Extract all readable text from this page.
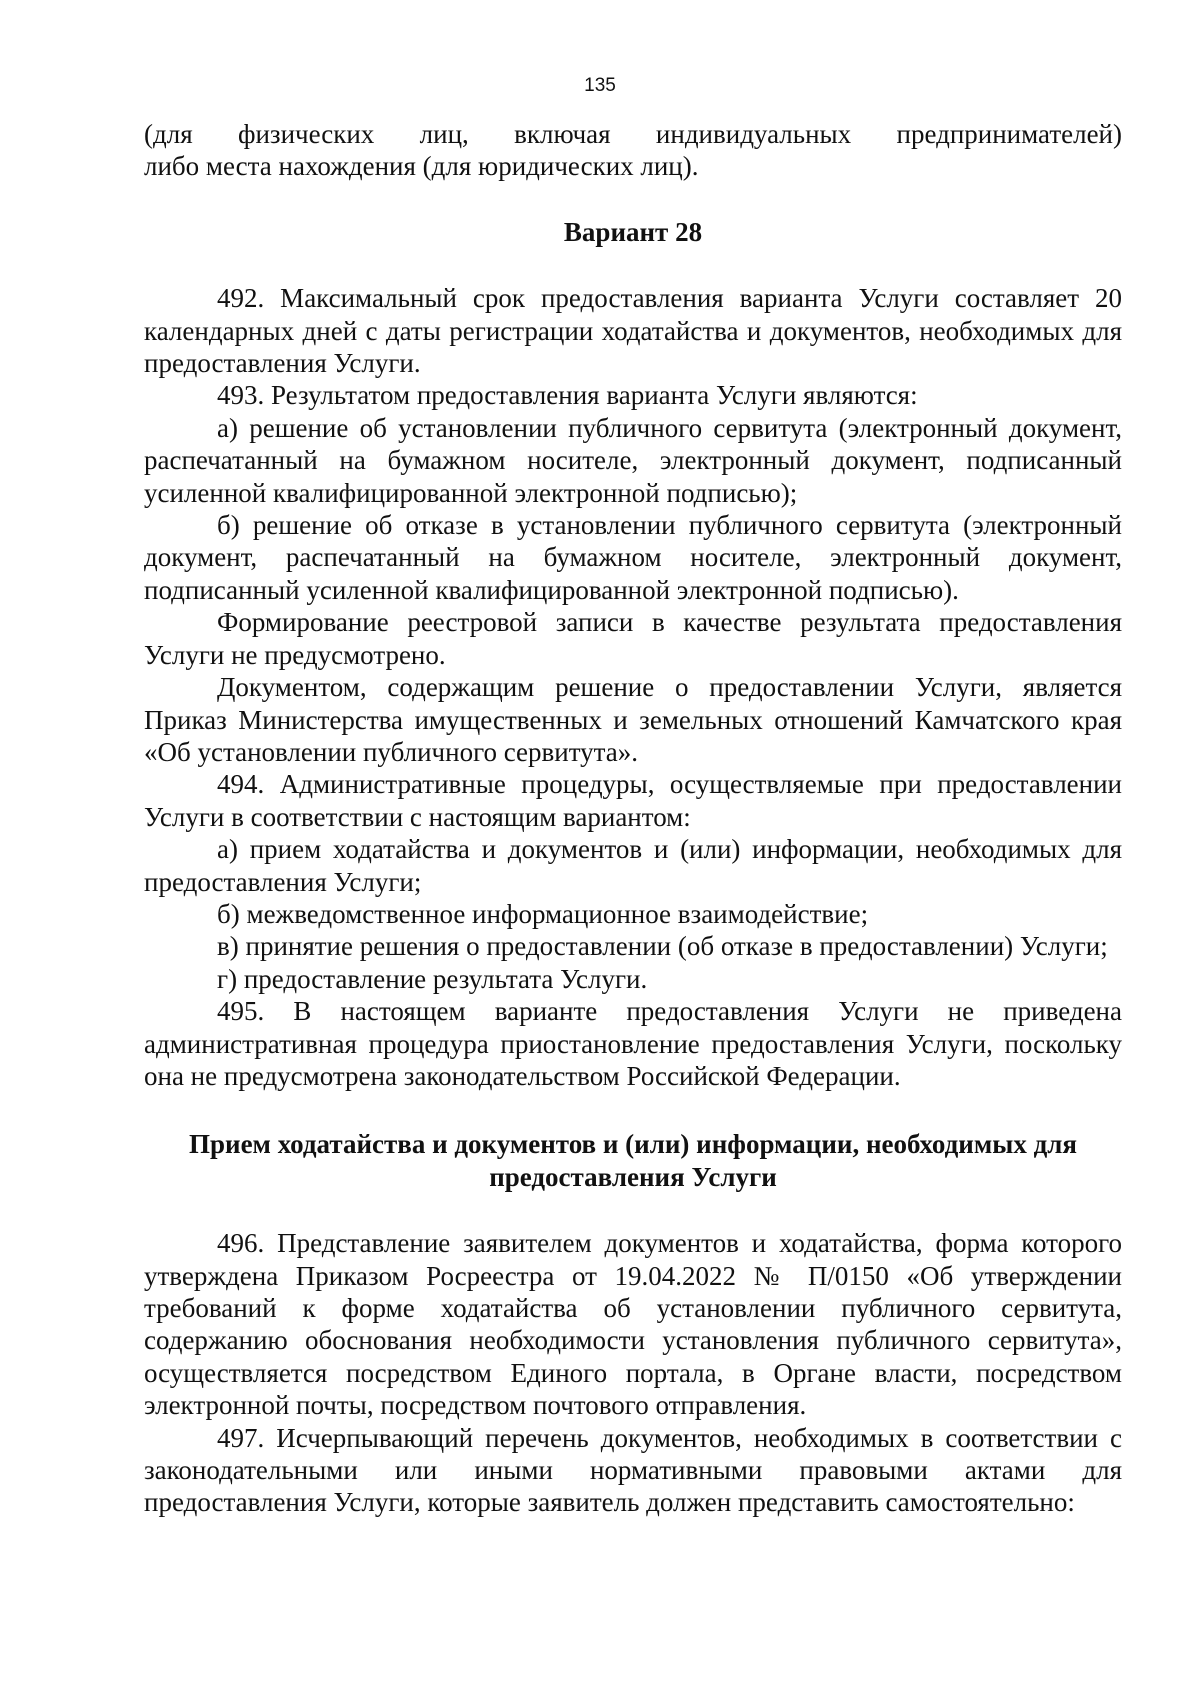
135

(для физических лиц, включая индивидуальных предпринимателей)

либо места нахождения (для юридических лиц).

Вариант 28

492. Максимальный срок предоставления варианта Услуги составляет 20 календарных дней с даты регистрации ходатайства и документов, необходимых для предоставления Услуги.

493. Результатом предоставления варианта Услуги являются:

а) решение об установлении публичного сервитута (электронный документ, распечатанный на бумажном носителе, электронный документ, подписанный усиленной квалифицированной электронной подписью);

б) решение об отказе в установлении публичного сервитута (электронный документ, распечатанный на бумажном носителе, электронный документ, подписанный усиленной квалифицированной электронной подписью).

Формирование реестровой записи в качестве результата предоставления Услуги не предусмотрено.

Документом, содержащим решение о предоставлении Услуги, является Приказ Министерства имущественных и земельных отношений Камчатского края «Об установлении публичного сервитута».

494. Административные процедуры, осуществляемые при предоставлении Услуги в соответствии с настоящим вариантом:

а) прием ходатайства и документов и (или) информации, необходимых для предоставления Услуги;

б) межведомственное информационное взаимодействие;

в) принятие решения о предоставлении (об отказе в предоставлении) Услуги;

г) предоставление результата Услуги.

495. В настоящем варианте предоставления Услуги не приведена административная процедура приостановление предоставления Услуги, поскольку она не предусмотрена законодательством Российской Федерации.

Прием ходатайства и документов и (или) информации, необходимых для
предоставления Услуги

496. Представление заявителем документов и ходатайства, форма которого утверждена Приказом Росреестра от 19.04.2022 № П/0150 «Об утверждении требований к форме ходатайства об установлении публичного сервитута, содержанию обоснования необходимости установления публичного сервитута», осуществляется посредством Единого портала, в Органе власти, посредством электронной почты, посредством почтового отправления.

497. Исчерпывающий перечень документов, необходимых в соответствии с законодательными или иными нормативными правовыми актами для предоставления Услуги, которые заявитель должен представить самостоятельно:
